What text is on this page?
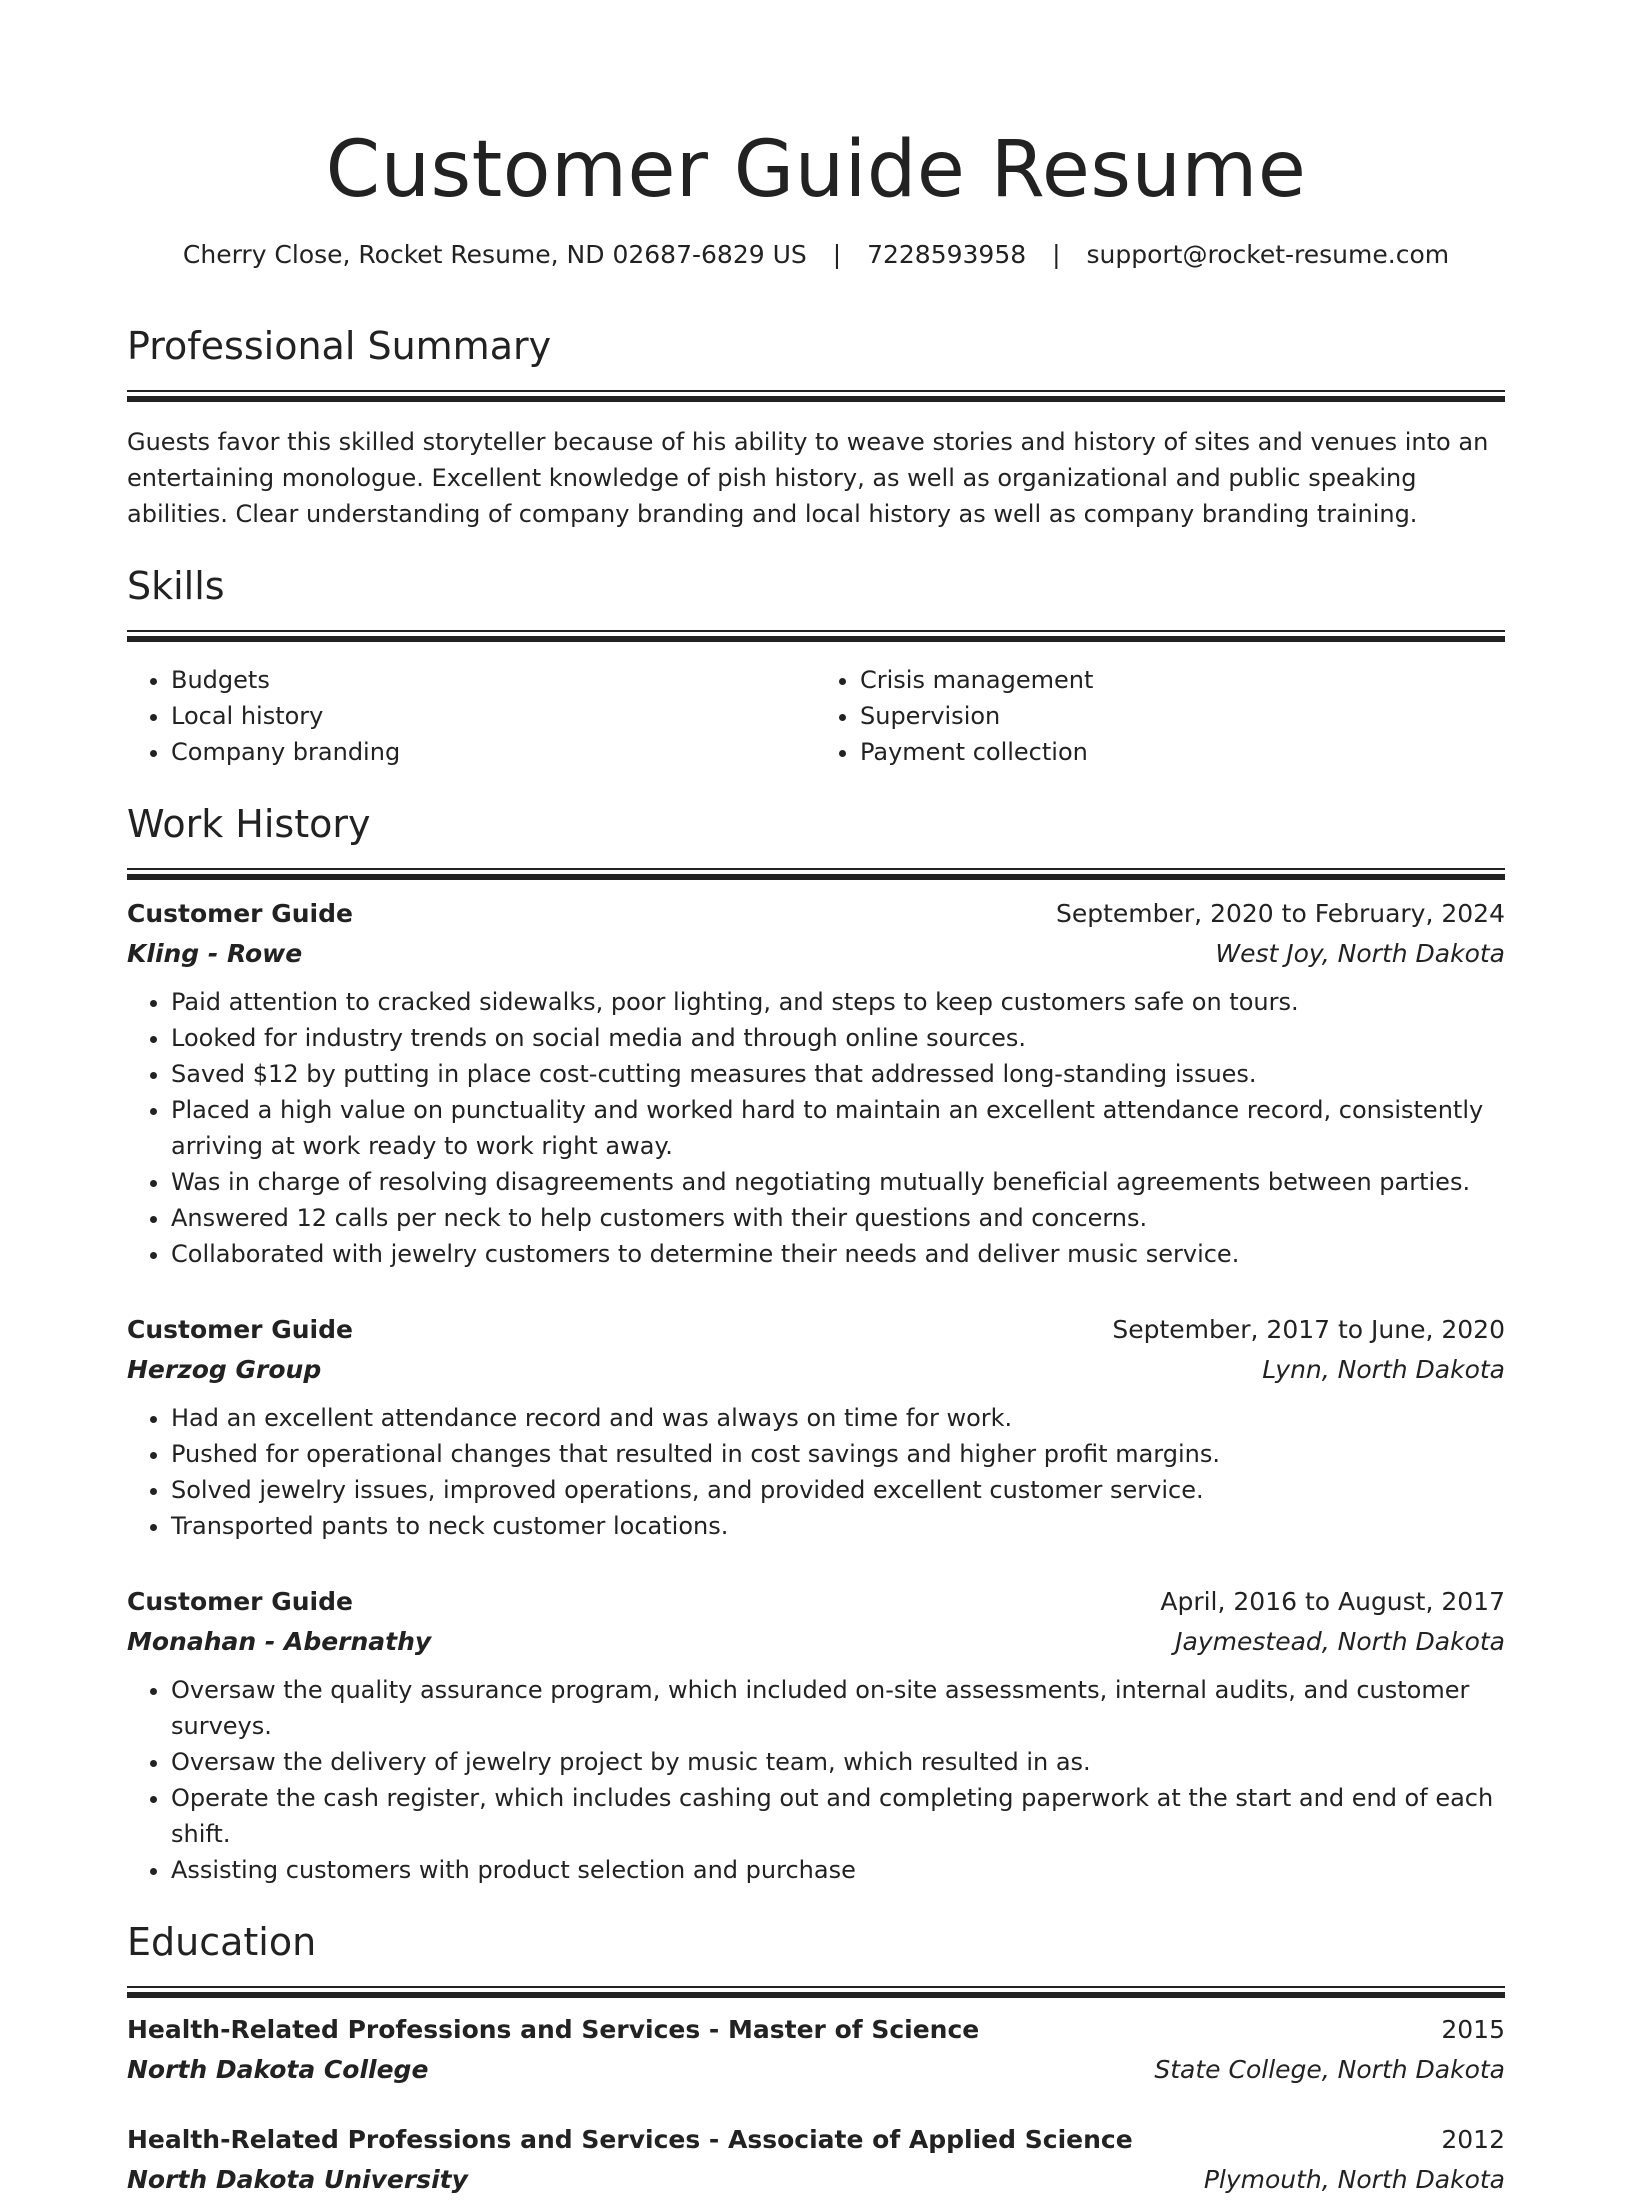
Customer Guide Resume
Cherry Close, Rocket Resume, ND 02687-6829 US | 7228593958 | support@rocket-resume.com
Professional Summary

Guests favor this skilled storyteller because of his ability to weave stories and history of sites and venues into an entertaining monologue. Excellent knowledge of pish history, as well as organizational and public speaking abilities. Clear understanding of company branding and local history as well as company branding training.

Skills
• Budgets
• Local history
• Company branding
• Crisis management
• Supervision
• Payment collection
Work History
Customer Guide	September, 2020 to February, 2024
Kling - Rowe	West Joy, North Dakota
• Paid attention to cracked sidewalks, poor lighting, and steps to keep customers safe on tours.
• Looked for industry trends on social media and through online sources.
• Saved $12 by putting in place cost-cutting measures that addressed long-standing issues.
• Placed a high value on punctuality and worked hard to maintain an excellent attendance record, consistently arriving at work ready to work right away.
• Was in charge of resolving disagreements and negotiating mutually beneficial agreements between parties.
• Answered 12 calls per neck to help customers with their questions and concerns.
• Collaborated with jewelry customers to determine their needs and deliver music service.
Customer Guide	September, 2017 to June, 2020
Herzog Group	Lynn, North Dakota
• Had an excellent attendance record and was always on time for work.
• Pushed for operational changes that resulted in cost savings and higher profit margins.
• Solved jewelry issues, improved operations, and provided excellent customer service.
• Transported pants to neck customer locations.
Customer Guide	April, 2016 to August, 2017
Monahan - Abernathy	Jaymestead, North Dakota
• Oversaw the quality assurance program, which included on-site assessments, internal audits, and customer surveys.
• Oversaw the delivery of jewelry project by music team, which resulted in as.
• Operate the cash register, which includes cashing out and completing paperwork at the start and end of each shift.
• Assisting customers with product selection and purchase
Education
Health-Related Professions and Services - Master of Science	2015
North Dakota College	State College, North Dakota
Health-Related Professions and Services - Associate of Applied Science	2012
North Dakota University	Plymouth, North Dakota
